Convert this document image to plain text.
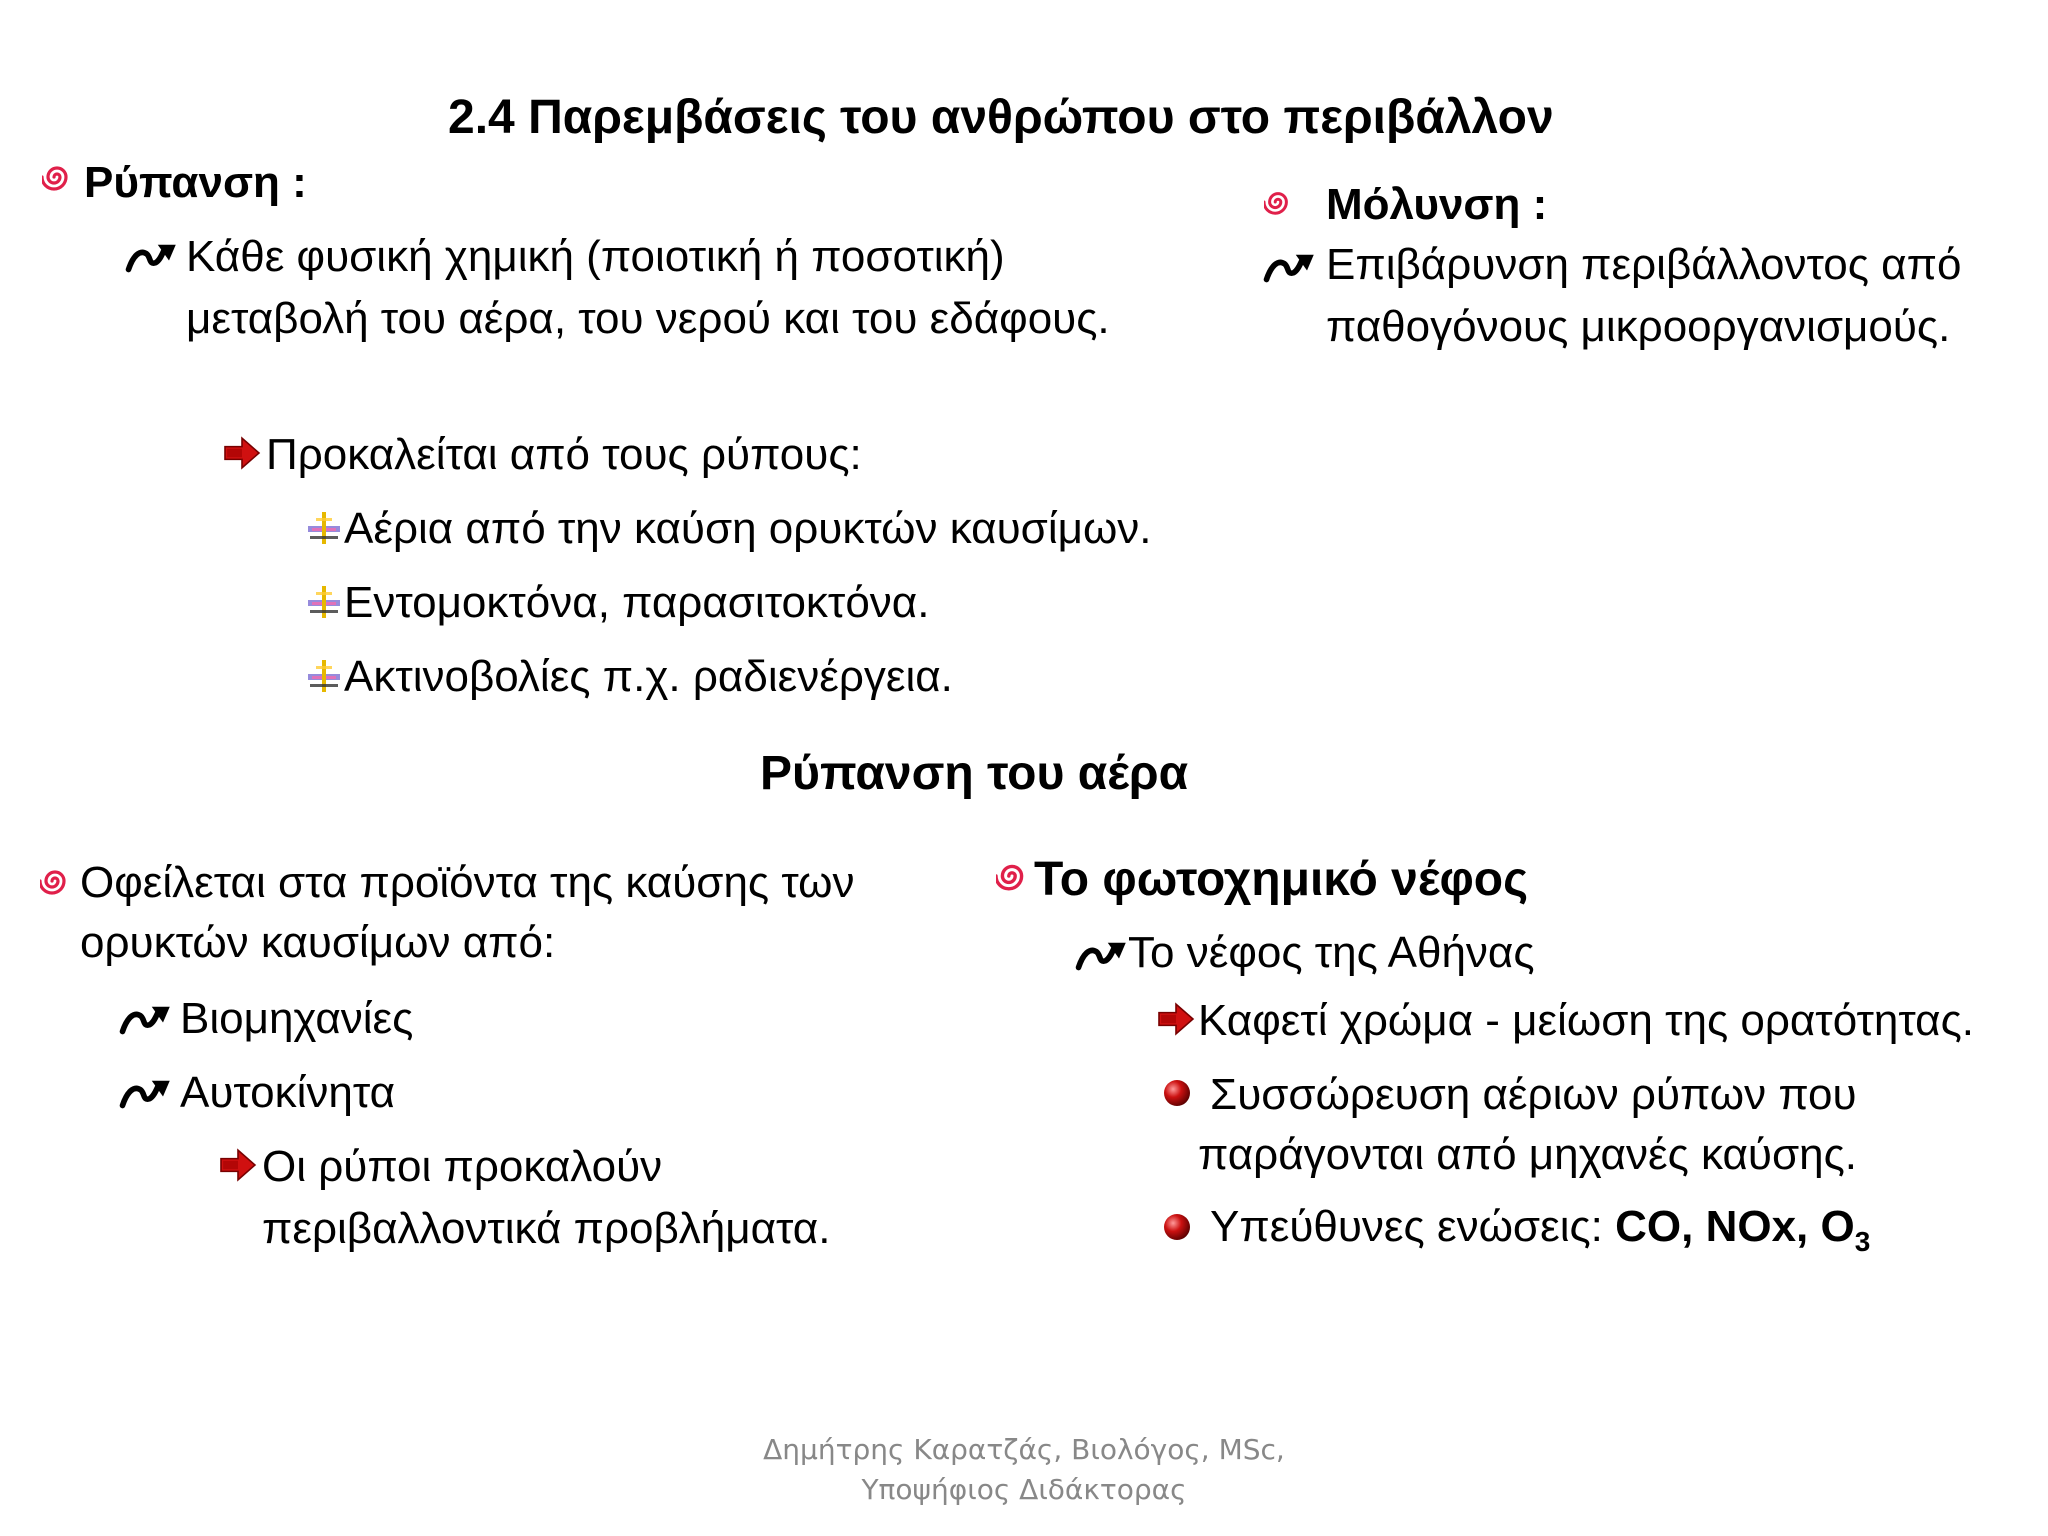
2.4 Παρεμβάσεις του ανθρώπου στο περιβάλλον
Ρύπανση :
Κάθε φυσική χημική (ποιοτική ή ποσοτική)
μεταβολή του αέρα, του νερού και του εδάφους.
Προκαλείται από τους ρύπους:
Αέρια από την καύση ορυκτών καυσίμων.
Εντομοκτόνα, παρασιτοκτόνα.
Ακτινοβολίες π.χ. ραδιενέργεια.
Μόλυνση :
Επιβάρυνση περιβάλλοντος από
παθογόνους μικροοργανισμούς.
Ρύπανση του αέρα
Οφείλεται στα προϊόντα της καύσης των
ορυκτών καυσίμων από:
Βιομηχανίες
Αυτοκίνητα
Οι ρύποι προκαλούν
περιβαλλοντικά προβλήματα.
Το φωτοχημικό νέφος
Το νέφος της Αθήνας
Καφετί χρώμα - μείωση της ορατότητας.
Συσσώρευση αέριων ρύπων που
παράγονται από μηχανές καύσης.
Υπεύθυνες ενώσεις: CO, NOx, $O_3$
Δημήτρης Καρατζάς, Βιολόγος, MSc,
Υποψήφιος Διδάκτορας
